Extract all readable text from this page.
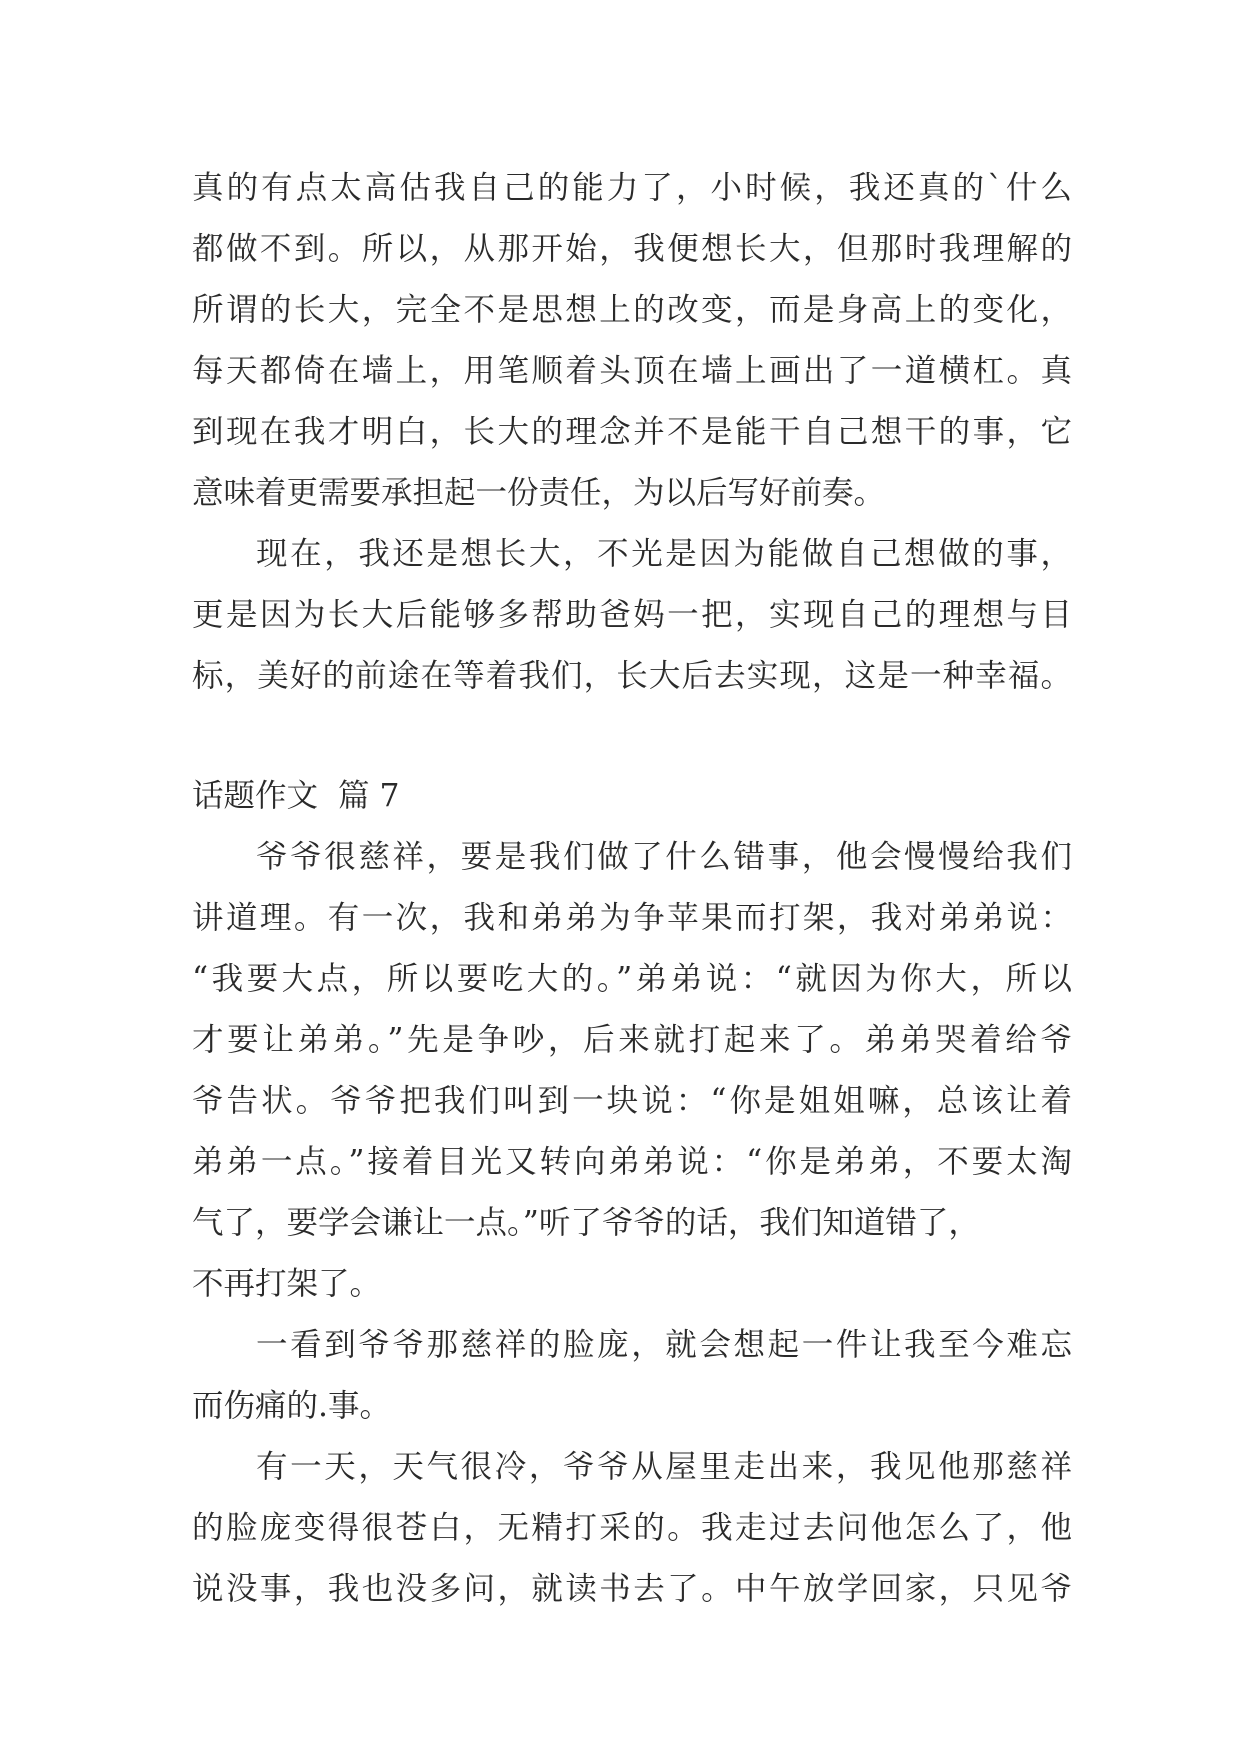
真的有点太高估我自己的能力了，小时候，我还真的`什么
都做不到。所以，从那开始，我便想长大，但那时我理解的
所谓的长大，完全不是思想上的改变，而是身高上的变化，
每天都倚在墙上，用笔顺着头顶在墙上画出了一道横杠。真
到现在我才明白，长大的理念并不是能干自己想干的事，它
意味着更需要承担起一份责任，为以后写好前奏。
现在，我还是想长大，不光是因为能做自己想做的事，
更是因为长大后能够多帮助爸妈一把，实现自己的理想与目
标，美好的前途在等着我们，长大后去实现，这是一种幸福。
话题作文  篇 7
爷爷很慈祥，要是我们做了什么错事，他会慢慢给我们
讲道理。有一次，我和弟弟为争苹果而打架，我对弟弟说：
“我要大点，所以要吃大的。”弟弟说：“就因为你大，所以
才要让弟弟。”先是争吵，后来就打起来了。弟弟哭着给爷
爷告状。爷爷把我们叫到一块说：“你是姐姐嘛，总该让着
弟弟一点。”接着目光又转向弟弟说：“你是弟弟，不要太淘
气了，要学会谦让一点。”听了爷爷的话，我们知道错了，
不再打架了。
一看到爷爷那慈祥的脸庞，就会想起一件让我至今难忘
而伤痛的.事。
有一天，天气很冷，爷爷从屋里走出来，我见他那慈祥
的脸庞变得很苍白，无精打采的。我走过去问他怎么了，他
说没事，我也没多问，就读书去了。中午放学回家，只见爷
